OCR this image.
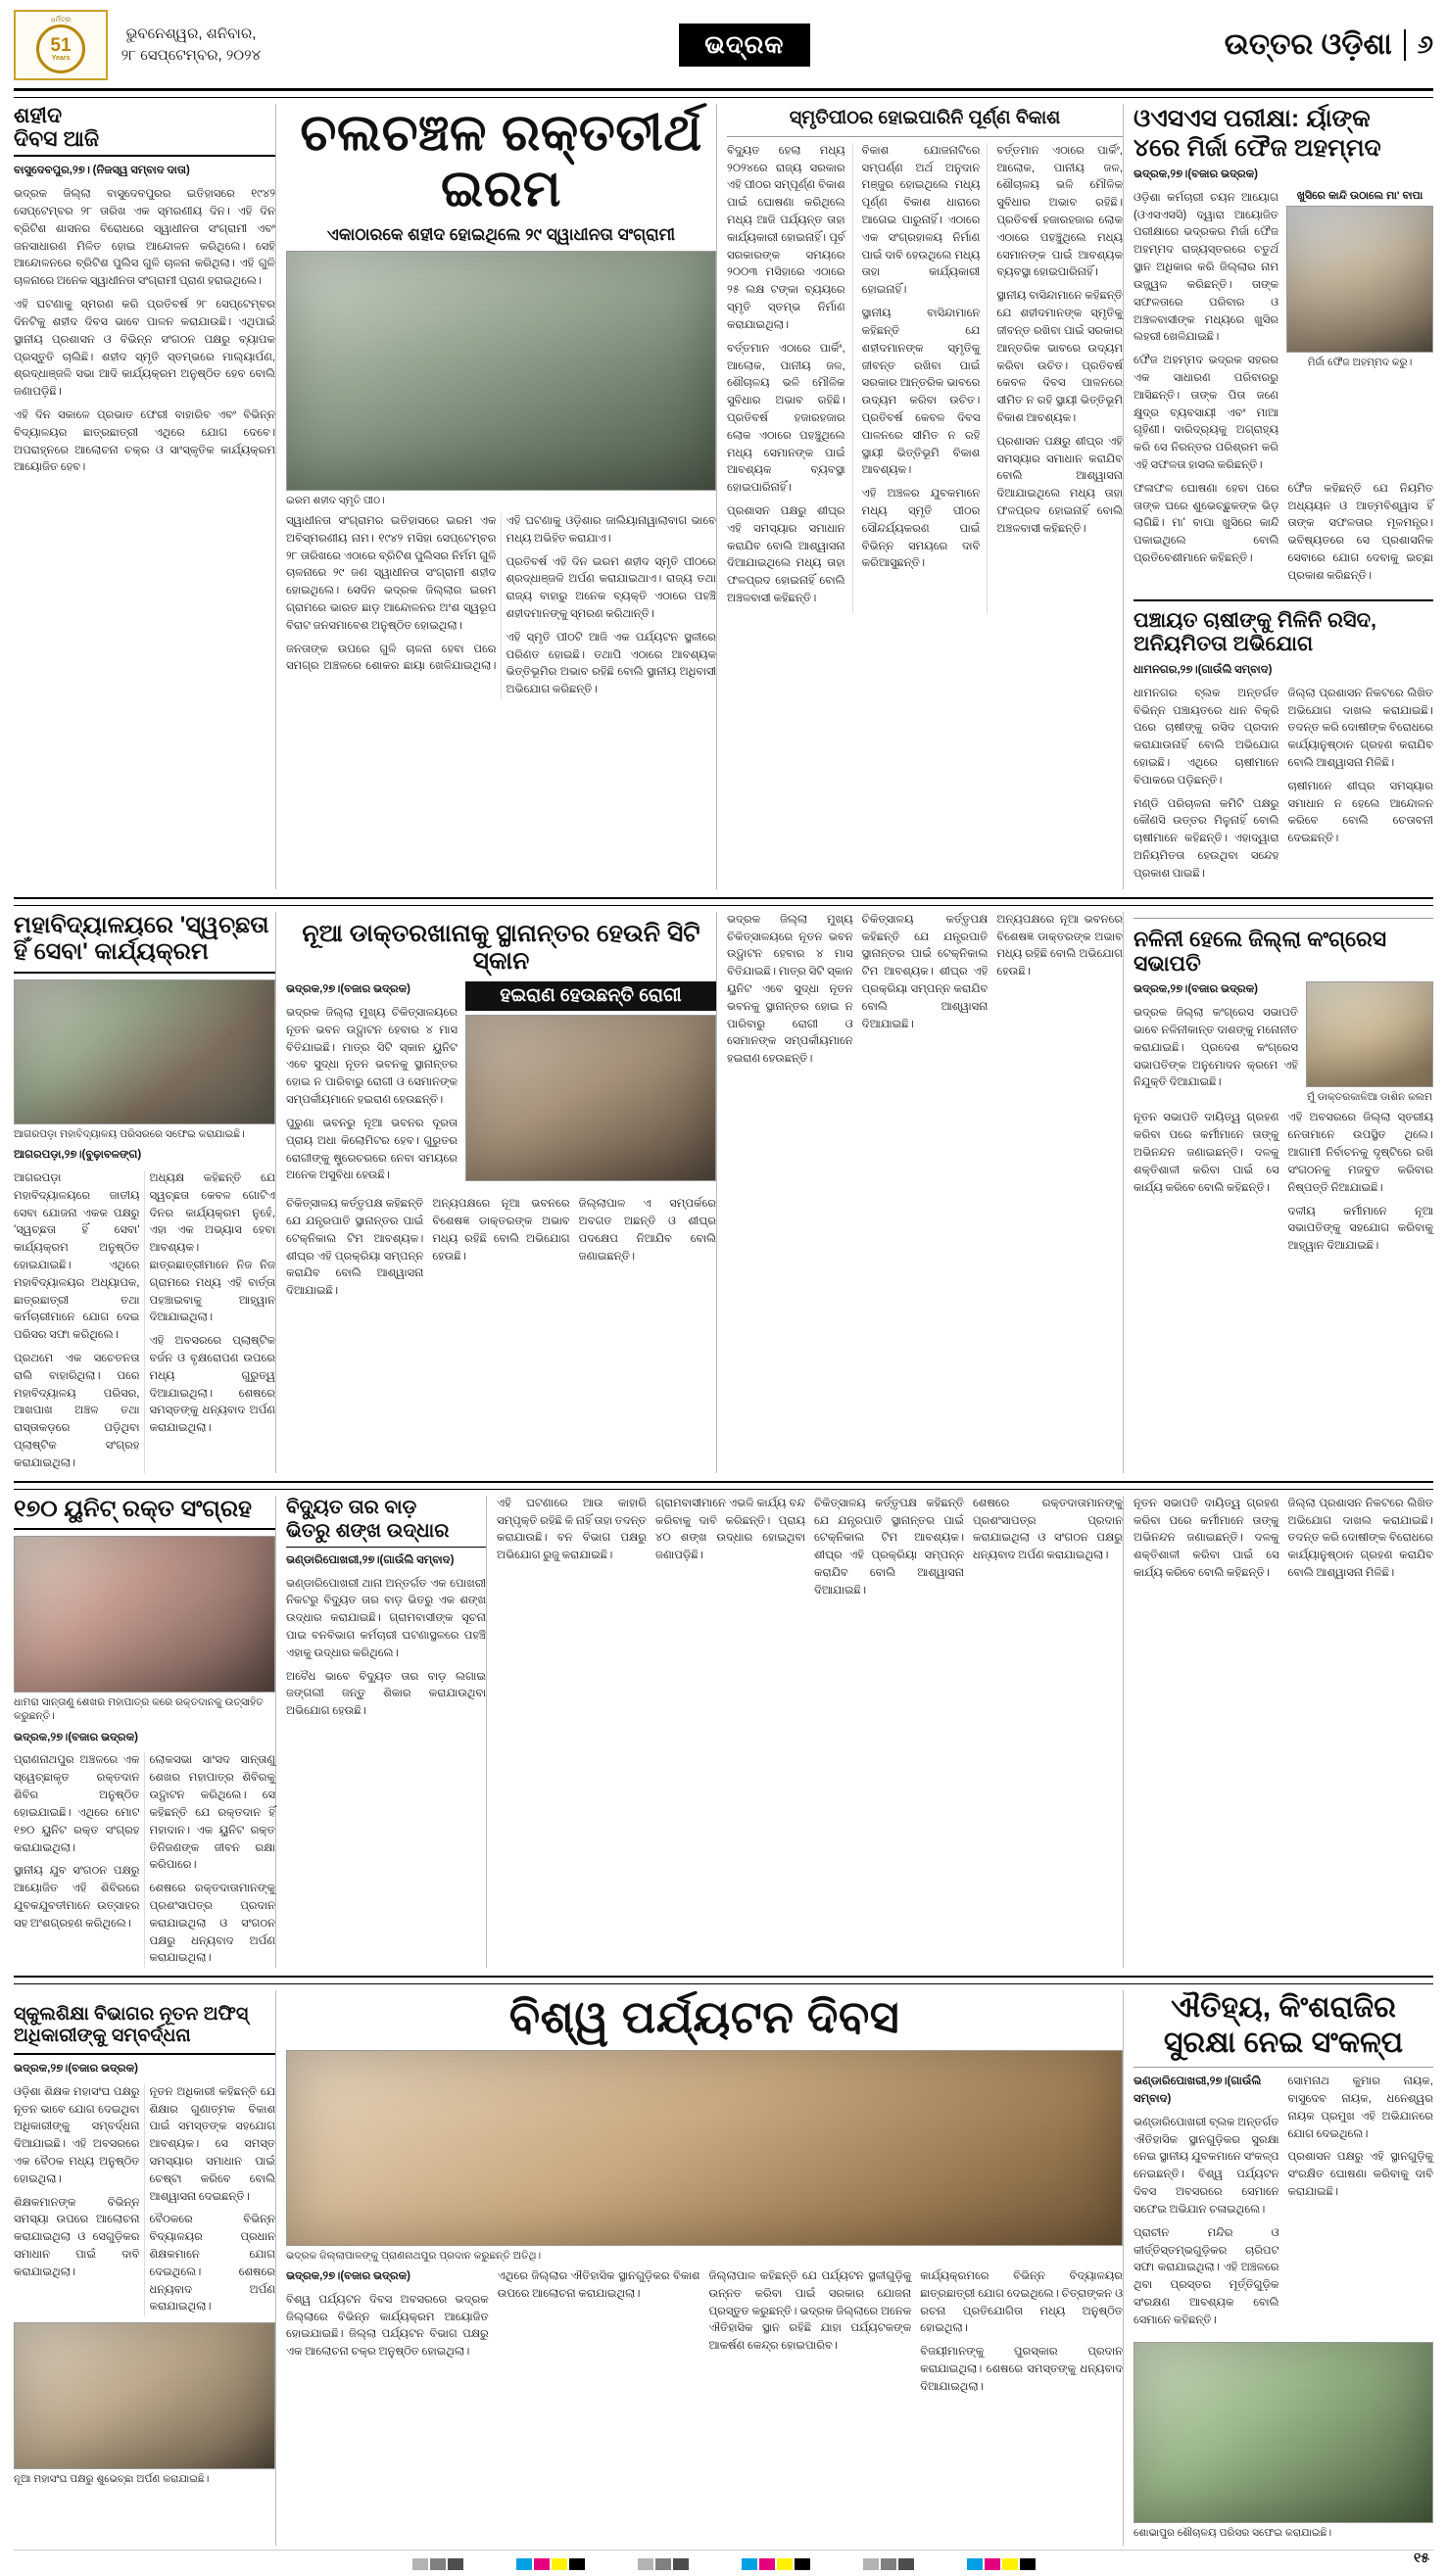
ଧର୍ମିତ୍ର
51
Years
ଭୁବନେଶ୍ୱର, ଶନିବାର,
୨୮ ସେପ୍ଟେମ୍ବର, ୨୦୨୪	ଭଦ୍ରକ	ଉତ୍ତର ଓଡ଼ିଶା	୬
ଶହୀଦ
ଦିବସ ଆଜି

ବାସୁଦେବପୁର,୨୭। (ନିଜସ୍ୱ ସମ୍ବାଦ ଦାତା)

ଭଦ୍ରକ ଜିଲ୍ଲା ବାସୁଦେବପୁରର ଇତିହାସରେ ୧୯୪୨ ସେପ୍ଟେମ୍ବର ୨୮ ତାରିଖ ଏକ ସ୍ମରଣୀୟ ଦିନ। ଏହି ଦିନ ବ୍ରିଟିଶ ଶାସନର ବିରୋଧରେ ସ୍ୱାଧୀନତା ସଂଗ୍ରାମୀ ଏବଂ ଜନସାଧାରଣ ମିଳିତ ହୋଇ ଆନ୍ଦୋଳନ କରିଥିଲେ। ସେହି ଆନ୍ଦୋଳନରେ ବ୍ରିଟିଶ ପୁଲିସ ଗୁଳି ଚାଳନା କରିଥିଲା। ଏହି ଗୁଳି ଚାଳନାରେ ଅନେକ ସ୍ୱାଧୀନତା ସଂଗ୍ରାମୀ ପ୍ରାଣ ହରାଇଥିଲେ।

ଏହି ଘଟଣାକୁ ସ୍ମରଣ କରି ପ୍ରତିବର୍ଷ ୨୮ ସେପ୍ଟେମ୍ବର ଦିନଟିକୁ ଶହୀଦ ଦିବସ ଭାବେ ପାଳନ କରାଯାଉଛି। ଏଥିପାଇଁ ସ୍ଥାନୀୟ ପ୍ରଶାସନ ଓ ବିଭିନ୍ନ ସଂଗଠନ ପକ୍ଷରୁ ବ୍ୟାପକ ପ୍ରସ୍ତୁତି ଚାଲିଛି। ଶହୀଦ ସ୍ମୃତି ସ୍ତମ୍ଭରେ ମାଲ୍ୟାର୍ପଣ, ଶ୍ରଦ୍ଧାଞ୍ଜଳି ସଭା ଆଦି କାର୍ଯ୍ୟକ୍ରମ ଅନୁଷ୍ଠିତ ହେବ ବୋଲି ଜଣାପଡ଼ିଛି।

ଏହି ଦିନ ସକାଳେ ପ୍ରଭାତ ଫେରୀ ବାହାରିବ ଏବଂ ବିଭିନ୍ନ ବିଦ୍ୟାଳୟର ଛାତ୍ରଛାତ୍ରୀ ଏଥିରେ ଯୋଗ ଦେବେ। ଅପରାହ୍ନରେ ଆଲୋଚନା ଚକ୍ର ଓ ସାଂସ୍କୃତିକ କାର୍ଯ୍ୟକ୍ରମ ଆୟୋଜିତ ହେବ।

ଚଲଚଞ୍ଚଳ ରକ୍ତତୀର୍ଥ ଇରମ
ଏକାଠାରକେ ଶହୀଦ ହୋଇଥିଲେ ୨୯ ସ୍ୱାଧୀନତା ସଂଗ୍ରାମୀ
ଇରମ ଶହୀଦ ସ୍ମୃତି ପୀଠ।

ସ୍ୱାଧୀନତା ସଂଗ୍ରାମର ଇତିହାସରେ ଇରମ ଏକ ଅବିସ୍ମରଣୀୟ ନାମ। ୧୯୪୨ ମସିହା ସେପ୍ଟେମ୍ବର ୨୮ ତାରିଖରେ ଏଠାରେ ବ୍ରିଟିଶ ପୁଲିସର ନିର୍ମମ ଗୁଳି ଚାଳନାରେ ୨୯ ଜଣ ସ୍ୱାଧୀନତା ସଂଗ୍ରାମୀ ଶହୀଦ ହୋଇଥିଲେ। ସେଦିନ ଭଦ୍ରକ ଜିଲ୍ଲାର ଇରମ ଗ୍ରାମରେ ଭାରତ ଛାଡ଼ ଆନ୍ଦୋଳନର ଅଂଶ ସ୍ୱରୂପ ବିରାଟ ଜନସମାବେଶ ଅନୁଷ୍ଠିତ ହୋଇଥିଲା।

ଜନତାଙ୍କ ଉପରେ ଗୁଳି ଚାଳନା ହେବା ପରେ ସମଗ୍ର ଅଞ୍ଚଳରେ ଶୋକର ଛାୟା ଖେଳିଯାଇଥିଲା। ଏହି ଘଟଣାକୁ ଓଡ଼ିଶାର ଜାଲିୟାନାୱାଲାବାଗ ଭାବେ ମଧ୍ୟ ଅଭିହିତ କରାଯାଏ।

ପ୍ରତିବର୍ଷ ଏହି ଦିନ ଇରମ ଶହୀଦ ସ୍ମୃତି ପୀଠରେ ଶ୍ରଦ୍ଧାଞ୍ଜଳି ଅର୍ପଣ କରାଯାଇଥାଏ। ରାଜ୍ୟ ତଥା ରାଜ୍ୟ ବାହାରୁ ଅନେକ ବ୍ୟକ୍ତି ଏଠାରେ ପହଞ୍ଚି ଶହୀଦମାନଙ୍କୁ ସ୍ମରଣ କରିଥାନ୍ତି।

ଏହି ସ୍ମୃତି ପୀଠଟି ଆଜି ଏକ ପର୍ଯ୍ୟଟନ ସ୍ଥଳୀରେ ପରିଣତ ହୋଇଛି। ତଥାପି ଏଠାରେ ଆବଶ୍ୟକ ଭିତ୍ତିଭୂମିର ଅଭାବ ରହିଛି ବୋଲି ସ୍ଥାନୀୟ ଅଧିବାସୀ ଅଭିଯୋଗ କରିଛନ୍ତି।

ସ୍ମୃତିପୀଠର ହୋଇପାରିନି ପୂର୍ଣ୍ଣ ବିକାଶ

ବିଦ୍ୟୁତ ହେଲା ମଧ୍ୟ ୨୦୨୪ରେ ରାଜ୍ୟ ସରକାର ଏହି ପୀଠର ସମ୍ପୂର୍ଣ୍ଣ ବିକାଶ ପାଇଁ ଘୋଷଣା କରିଥିଲେ ମଧ୍ୟ ଆଜି ପର୍ଯ୍ୟନ୍ତ ତାହା କାର୍ଯ୍ୟକାରୀ ହୋଇନାହିଁ। ପୂର୍ବ ସରକାରଙ୍କ ସମୟରେ ୨୦୦୩ ମସିହାରେ ଏଠାରେ ୨୫ ଲକ୍ଷ ଟଙ୍କା ବ୍ୟୟରେ ସ୍ମୃତି ସ୍ତମ୍ଭ ନିର୍ମାଣ କରାଯାଇଥିଲା।

ବର୍ତ୍ତମାନ ଏଠାରେ ପାର୍କିଂ, ଆଲୋକ, ପାନୀୟ ଜଳ, ଶୌଚାଳୟ ଭଳି ମୌଳିକ ସୁବିଧାର ଅଭାବ ରହିଛି। ପ୍ରତିବର୍ଷ ହଜାରହଜାର ଲୋକ ଏଠାରେ ପହଞ୍ଚୁଥିଲେ ମଧ୍ୟ ସେମାନଙ୍କ ପାଇଁ ଆବଶ୍ୟକ ବ୍ୟବସ୍ଥା ହୋଇପାରିନାହିଁ।

ପ୍ରଶାସନ ପକ୍ଷରୁ ଶୀଘ୍ର ଏହି ସମସ୍ୟାର ସମାଧାନ କରାଯିବ ବୋଲି ଆଶ୍ୱାସନା ଦିଆଯାଇଥିଲେ ମଧ୍ୟ ତାହା ଫଳପ୍ରଦ ହୋଇନାହିଁ ବୋଲି ଅଞ୍ଚଳବାସୀ କହିଛନ୍ତି।

ବିକାଶ ଯୋଜନାଟିରେ ସମ୍ପର୍ଣ୍ଣ ଅର୍ଥ ଅନୁଦାନ ମଞ୍ଜୁର ହୋଇଥିଲେ ମଧ୍ୟ ପୂର୍ଣ୍ଣ ବିକାଶ ଧାରାରେ ଆଗେଇ ପାରୁନାହିଁ। ଏଠାରେ ଏକ ସଂଗ୍ରହାଳୟ ନିର୍ମାଣ ପାଇଁ ଦାବି ହେଉଥିଲେ ମଧ୍ୟ ତାହା କାର୍ଯ୍ୟକାରୀ ହୋଇନାହିଁ।

ସ୍ଥାନୀୟ ବାସିନ୍ଦାମାନେ କହିଛନ୍ତି ଯେ ଶହୀଦମାନଙ୍କ ସ୍ମୃତିକୁ ଜୀବନ୍ତ ରଖିବା ପାଇଁ ସରକାର ଆନ୍ତରିକ ଭାବରେ ଉଦ୍ୟମ କରିବା ଉଚିତ। ପ୍ରତିବର୍ଷ କେବଳ ଦିବସ ପାଳନରେ ସୀମିତ ନ ରହି ସ୍ଥାୟୀ ଭିତ୍ତିଭୂମି ବିକାଶ ଆବଶ୍ୟକ।

ଏହି ଅଞ୍ଚଳର ଯୁବକମାନେ ମଧ୍ୟ ସ୍ମୃତି ପୀଠର ସୌନ୍ଦର୍ଯ୍ୟକରଣ ପାଇଁ ବିଭିନ୍ନ ସମୟରେ ଦାବି କରିଆସୁଛନ୍ତି।

ବର୍ତ୍ତମାନ ଏଠାରେ ପାର୍କିଂ, ଆଲୋକ, ପାନୀୟ ଜଳ, ଶୌଚାଳୟ ଭଳି ମୌଳିକ ସୁବିଧାର ଅଭାବ ରହିଛି। ପ୍ରତିବର୍ଷ ହଜାରହଜାର ଲୋକ ଏଠାରେ ପହଞ୍ଚୁଥିଲେ ମଧ୍ୟ ସେମାନଙ୍କ ପାଇଁ ଆବଶ୍ୟକ ବ୍ୟବସ୍ଥା ହୋଇପାରିନାହିଁ।

ସ୍ଥାନୀୟ ବାସିନ୍ଦାମାନେ କହିଛନ୍ତି ଯେ ଶହୀଦମାନଙ୍କ ସ୍ମୃତିକୁ ଜୀବନ୍ତ ରଖିବା ପାଇଁ ସରକାର ଆନ୍ତରିକ ଭାବରେ ଉଦ୍ୟମ କରିବା ଉଚିତ। ପ୍ରତିବର୍ଷ କେବଳ ଦିବସ ପାଳନରେ ସୀମିତ ନ ରହି ସ୍ଥାୟୀ ଭିତ୍ତିଭୂମି ବିକାଶ ଆବଶ୍ୟକ।

ପ୍ରଶାସନ ପକ୍ଷରୁ ଶୀଘ୍ର ଏହି ସମସ୍ୟାର ସମାଧାନ କରାଯିବ ବୋଲି ଆଶ୍ୱାସନା ଦିଆଯାଇଥିଲେ ମଧ୍ୟ ତାହା ଫଳପ୍ରଦ ହୋଇନାହିଁ ବୋଲି ଅଞ୍ଚଳବାସୀ କହିଛନ୍ତି।

ଓଏସଏସ ପରୀକ୍ଷା: ର୍ୟାଙ୍କ
୪ରେ ମିର୍ଜା ଫୈଜ ଅହମ୍ମଦ

ଭଦ୍ରକ,୨୭।(ବଜାର ଭଦ୍ରକ)

ଓଡ଼ିଶା କର୍ମଚାରୀ ଚୟନ ଆୟୋଗ (ଓଏସଏସସି) ଦ୍ୱାରା ଆୟୋଜିତ ପରୀକ୍ଷାରେ ଭଦ୍ରକର ମିର୍ଜା ଫୈଜ ଅହମ୍ମଦ ରାଜ୍ୟସ୍ତରରେ ଚତୁର୍ଥ ସ୍ଥାନ ଅଧିକାର କରି ଜିଲ୍ଲାର ନାମ ଉଜ୍ଜ୍ୱଳ କରିଛନ୍ତି। ତାଙ୍କ ସଫଳତାରେ ପରିବାର ଓ ଅଞ୍ଚଳବାସୀଙ୍କ ମଧ୍ୟରେ ଖୁସିର ଲହରୀ ଖେଳିଯାଇଛି।

ଫୈଜ ଅହମ୍ମଦ ଭଦ୍ରକ ସହରର ଏକ ସାଧାରଣ ପରିବାରରୁ ଆସିଛନ୍ତି। ତାଙ୍କ ପିତା ଜଣେ କ୍ଷୁଦ୍ର ବ୍ୟବସାୟୀ ଏବଂ ମାଆ ଗୃହିଣୀ। ଦାରିଦ୍ର୍ୟକୁ ଅଗ୍ରାହ୍ୟ କରି ସେ ନିରନ୍ତର ପରିଶ୍ରମ କରି ଏହି ସଫଳତା ହାସଲ କରିଛନ୍ତି।

ଖୁସିରେ କାନ୍ଦି ଉଠାଲେ ମା' ବାପା
ମିର୍ଜା ଫୈଜ ଅହମ୍ମଦ କରୁ।

ଫଳାଫଳ ଘୋଷଣା ହେବା ପରେ ତାଙ୍କ ଘରେ ଶୁଭେଚ୍ଛୁକଙ୍କ ଭିଡ଼ ଲାଗିଛି। ମା' ବାପା ଖୁସିରେ କାନ୍ଦି ପକାଇଥିଲେ ବୋଲି ପ୍ରତିବେଶୀମାନେ କହିଛନ୍ତି।

ଫୈଜ କହିଛନ୍ତି ଯେ ନିୟମିତ ଅଧ୍ୟୟନ ଓ ଆତ୍ମବିଶ୍ୱାସ ହିଁ ତାଙ୍କ ସଫଳତାର ମୂଳମନ୍ତ୍ର। ଭବିଷ୍ୟତରେ ସେ ପ୍ରଶାସନିକ ସେବାରେ ଯୋଗ ଦେବାକୁ ଇଚ୍ଛା ପ୍ରକାଶ କରିଛନ୍ତି।

ପଞ୍ଚାୟତ ଚାଷୀଙ୍କୁ ମିଳିନି ରସିଦ, ଅନିୟମିତତା ଅଭିଯୋଗ

ଧାମନଗର,୨୭।(ଗାଉଁଲି ସମ୍ବାଦ)

ଧାମନଗର ବ୍ଲକ ଅନ୍ତର୍ଗତ ବିଭିନ୍ନ ପଞ୍ଚାୟତରେ ଧାନ ବିକ୍ରି ପରେ ଚାଷୀଙ୍କୁ ରସିଦ ପ୍ରଦାନ କରାଯାଉନାହିଁ ବୋଲି ଅଭିଯୋଗ ହୋଇଛି। ଏଥିରେ ଚାଷୀମାନେ ବିପାକରେ ପଡ଼ିଛନ୍ତି।

ମଣ୍ଡି ପରିଚାଳନା କମିଟି ପକ୍ଷରୁ କୌଣସି ଉତ୍ତର ମିଳୁନାହିଁ ବୋଲି ଚାଷୀମାନେ କହିଛନ୍ତି। ଏହାଦ୍ୱାରା ଅନିୟମିତତା ହେଉଥିବା ସନ୍ଦେହ ପ୍ରକାଶ ପାଇଛି।

ଜିଲ୍ଲା ପ୍ରଶାସନ ନିକଟରେ ଲିଖିତ ଅଭିଯୋଗ ଦାଖଲ କରାଯାଇଛି। ତଦନ୍ତ କରି ଦୋଷୀଙ୍କ ବିରୋଧରେ କାର୍ଯ୍ୟାନୁଷ୍ଠାନ ଗ୍ରହଣ କରାଯିବ ବୋଲି ଆଶ୍ୱାସନା ମିଳିଛି।

ଚାଷୀମାନେ ଶୀଘ୍ର ସମସ୍ୟାର ସମାଧାନ ନ ହେଲେ ଆନ୍ଦୋଳନ କରିବେ ବୋଲି ଚେତାବନୀ ଦେଇଛନ୍ତି।

ମହାବିଦ୍ୟାଳୟରେ 'ସ୍ୱଚ୍ଛତା ହିଁ ସେବା' କାର୍ଯ୍ୟକ୍ରମ
ଆଗରପଡ଼ା ମହାବିଦ୍ୟାଳୟ ପରିସରରେ ସଫେଇ କରାଯାଇଛି।

ଆଗରପଡ଼ା,୨୭।(ବୁଢ଼ାବଳଙ୍ଗ)

ଆଗରପଡ଼ା ମହାବିଦ୍ୟାଳୟରେ ଜାତୀୟ ସେବା ଯୋଜନା ଏକକ ପକ୍ଷରୁ 'ସ୍ୱଚ୍ଛତା ହିଁ ସେବା' କାର୍ଯ୍ୟକ୍ରମ ଅନୁଷ୍ଠିତ ହୋଇଯାଇଛି। ଏଥିରେ ମହାବିଦ୍ୟାଳୟର ଅଧ୍ୟାପକ, ଛାତ୍ରଛାତ୍ରୀ ତଥା କର୍ମଚାରୀମାନେ ଯୋଗ ଦେଇ ପରିସର ସଫା କରିଥିଲେ।

ପ୍ରଥମେ ଏକ ସଚେତନତା ରାଲି ବାହାରିଥିଲା। ପରେ ମହାବିଦ୍ୟାଳୟ ପରିସର, ଆଖପାଖ ଅଞ୍ଚଳ ତଥା ରାସ୍ତାକଡ଼ରେ ପଡ଼ିଥିବା ପ୍ଲାଷ୍ଟିକ ସଂଗ୍ରହ କରାଯାଇଥିଲା।

ଅଧ୍ୟକ୍ଷ କହିଛନ୍ତି ଯେ ସ୍ୱଚ୍ଛତା କେବଳ ଗୋଟିଏ ଦିନର କାର୍ଯ୍ୟକ୍ରମ ନୁହେଁ, ଏହା ଏକ ଅଭ୍ୟାସ ହେବା ଆବଶ୍ୟକ। ଛାତ୍ରଛାତ୍ରୀମାନେ ନିଜ ନିଜ ଗ୍ରାମରେ ମଧ୍ୟ ଏହି ବାର୍ତ୍ତା ପହଞ୍ଚାଇବାକୁ ଆହ୍ୱାନ ଦିଆଯାଇଥିଲା।

ଏହି ଅବସରରେ ପ୍ଲାଷ୍ଟିକ ବର୍ଜନ ଓ ବୃକ୍ଷରୋପଣ ଉପରେ ମଧ୍ୟ ଗୁରୁତ୍ୱ ଦିଆଯାଇଥିଲା। ଶେଷରେ ସମସ୍ତଙ୍କୁ ଧନ୍ୟବାଦ ଅର୍ପଣ କରାଯାଇଥିଲା।

ନୂଆ ଡାକ୍ତରଖାନାକୁ ସ୍ଥାନାନ୍ତର ହେଉନି ସିଟି ସ୍କାନ

ଭଦ୍ରକ,୨୭।(ବଜାର ଭଦ୍ରକ)

ଭଦ୍ରକ ଜିଲ୍ଲା ମୁଖ୍ୟ ଚିକିତ୍ସାଳୟରେ ନୂତନ ଭବନ ଉଦ୍ଘାଟନ ହେବାର ୪ ମାସ ବିତିଯାଇଛି। ମାତ୍ର ସିଟି ସ୍କାନ ୟୁନିଟ ଏବେ ସୁଦ୍ଧା ନୂତନ ଭବନକୁ ସ୍ଥାନାନ୍ତର ହୋଇ ନ ପାରିବାରୁ ରୋଗୀ ଓ ସେମାନଙ୍କ ସମ୍ପର୍କୀୟମାନେ ହଇରାଣ ହେଉଛନ୍ତି।

ପୁରୁଣା ଭବନରୁ ନୂଆ ଭବନର ଦୂରତା ପ୍ରାୟ ଅଧା କିଲୋମିଟର ହେବ। ଗୁରୁତର ରୋଗୀଙ୍କୁ ଷ୍ଟ୍ରେଚରରେ ନେବା ସମୟରେ ଅନେକ ଅସୁବିଧା ହେଉଛି।

ହଇରାଣ ହେଉଛନ୍ତି ରୋଗୀ

ଚିକିତ୍ସାଳୟ କର୍ତ୍ତୃପକ୍ଷ କହିଛନ୍ତି ଯେ ଯନ୍ତ୍ରପାତି ସ୍ଥାନାନ୍ତର ପାଇଁ ଟେକ୍ନିକାଲ ଟିମ ଆବଶ୍ୟକ। ଶୀଘ୍ର ଏହି ପ୍ରକ୍ରିୟା ସମ୍ପନ୍ନ କରାଯିବ ବୋଲି ଆଶ୍ୱାସନା ଦିଆଯାଇଛି।

ଅନ୍ୟପକ୍ଷରେ ନୂଆ ଭବନରେ ବିଶେଷଜ୍ଞ ଡାକ୍ତରଙ୍କ ଅଭାବ ମଧ୍ୟ ରହିଛି ବୋଲି ଅଭିଯୋଗ ହେଉଛି।

ଜିଲ୍ଲାପାଳ ଏ ସମ୍ପର୍କରେ ଅବଗତ ଅଛନ୍ତି ଓ ଶୀଘ୍ର ପଦକ୍ଷେପ ନିଆଯିବ ବୋଲି ଜଣାଇଛନ୍ତି।

ଭଦ୍ରକ ଜିଲ୍ଲା ମୁଖ୍ୟ ଚିକିତ୍ସାଳୟରେ ନୂତନ ଭବନ ଉଦ୍ଘାଟନ ହେବାର ୪ ମାସ ବିତିଯାଇଛି। ମାତ୍ର ସିଟି ସ୍କାନ ୟୁନିଟ ଏବେ ସୁଦ୍ଧା ନୂତନ ଭବନକୁ ସ୍ଥାନାନ୍ତର ହୋଇ ନ ପାରିବାରୁ ରୋଗୀ ଓ ସେମାନଙ୍କ ସମ୍ପର୍କୀୟମାନେ ହଇରାଣ ହେଉଛନ୍ତି।

ଚିକିତ୍ସାଳୟ କର୍ତ୍ତୃପକ୍ଷ କହିଛନ୍ତି ଯେ ଯନ୍ତ୍ରପାତି ସ୍ଥାନାନ୍ତର ପାଇଁ ଟେକ୍ନିକାଲ ଟିମ ଆବଶ୍ୟକ। ଶୀଘ୍ର ଏହି ପ୍ରକ୍ରିୟା ସମ୍ପନ୍ନ କରାଯିବ ବୋଲି ଆଶ୍ୱାସନା ଦିଆଯାଇଛି।

ଅନ୍ୟପକ୍ଷରେ ନୂଆ ଭବନରେ ବିଶେଷଜ୍ଞ ଡାକ୍ତରଙ୍କ ଅଭାବ ମଧ୍ୟ ରହିଛି ବୋଲି ଅଭିଯୋଗ ହେଉଛି।

ନଳିନୀ ହେଲେ ଜିଲ୍ଲା କଂଗ୍ରେସ ସଭାପତି

ଭଦ୍ରକ,୨୭।(ବଜାର ଭଦ୍ରକ)

ଭଦ୍ରକ ଜିଲ୍ଲା କଂଗ୍ରେସ ସଭାପତି ଭାବେ ନଳିନୀକାନ୍ତ ଦାଶଙ୍କୁ ମନୋନୀତ କରାଯାଇଛି। ପ୍ରଦେଶ କଂଗ୍ରେସ ସଭାପତିଙ୍କ ଅନୁମୋଦନ କ୍ରମେ ଏହି ନିଯୁକ୍ତି ଦିଆଯାଇଛି।

ମୁଁ ଡାକ୍ତରକାଳିଆ ଡାଶିନ କଲମ

ନୂତନ ସଭାପତି ଦାୟିତ୍ୱ ଗ୍ରହଣ କରିବା ପରେ କର୍ମୀମାନେ ତାଙ୍କୁ ଅଭିନନ୍ଦନ ଜଣାଇଛନ୍ତି। ଦଳକୁ ଶକ୍ତିଶାଳୀ କରିବା ପାଇଁ ସେ କାର୍ଯ୍ୟ କରିବେ ବୋଲି କହିଛନ୍ତି।

ଏହି ଅବସରରେ ଜିଲ୍ଲା ସ୍ତରୀୟ ନେତାମାନେ ଉପସ୍ଥିତ ଥିଲେ। ଆଗାମୀ ନିର୍ବାଚନକୁ ଦୃଷ୍ଟିରେ ରଖି ସଂଗଠନକୁ ମଜବୁତ କରିବାର ନିଷ୍ପତ୍ତି ନିଆଯାଇଛି।

ଦଳୀୟ କର୍ମୀମାନେ ନୂଆ ସଭାପତିଙ୍କୁ ସହଯୋଗ କରିବାକୁ ଆହ୍ୱାନ ଦିଆଯାଇଛି।

୧୭୦ ୟୁନିଟ୍ ରକ୍ତ ସଂଗ୍ରହ
ଧାମରା ସାନ୍ତାଣୁ ଶେଖର ମହାପାତ୍ର କରେ ରକ୍ତଦାନକୁ ଉତ୍ସାହିତ କରୁଛନ୍ତି।

ଭଦ୍ରକ,୨୭।(ବଜାର ଭଦ୍ରକ)

ପ୍ରାଣନାଥପୁର ଅଞ୍ଚଳରେ ଏକ ସ୍ୱେଚ୍ଛାକୃତ ରକ୍ତଦାନ ଶିବିର ଅନୁଷ୍ଠିତ ହୋଇଯାଇଛି। ଏଥିରେ ମୋଟ ୧୭୦ ୟୁନିଟ ରକ୍ତ ସଂଗ୍ରହ କରାଯାଇଥିଲା।

ସ୍ଥାନୀୟ ଯୁବ ସଂଗଠନ ପକ୍ଷରୁ ଆୟୋଜିତ ଏହି ଶିବିରରେ ଯୁବକଯୁବତୀମାନେ ଉତ୍ସାହର ସହ ଅଂଶଗ୍ରହଣ କରିଥିଲେ।

ଲୋକସଭା ସାଂସଦ ସାନ୍ତାଣୁ ଶେଖର ମହାପାତ୍ର ଶିବିରକୁ ଉଦ୍ଘାଟନ କରିଥିଲେ। ସେ କହିଛନ୍ତି ଯେ ରକ୍ତଦାନ ହିଁ ମହାଦାନ। ଏକ ୟୁନିଟ ରକ୍ତ ତିନିଜଣଙ୍କ ଜୀବନ ରକ୍ଷା କରିପାରେ।

ଶେଷରେ ରକ୍ତଦାତାମାନଙ୍କୁ ପ୍ରଶଂସାପତ୍ର ପ୍ରଦାନ କରାଯାଇଥିଲା ଓ ସଂଗଠନ ପକ୍ଷରୁ ଧନ୍ୟବାଦ ଅର୍ପଣ କରାଯାଇଥିଲା।

ବିଦ୍ୟୁତ ତାର ବାଡ଼
ଭିତରୁ ଶଙ୍ଖ ଉଦ୍ଧାର

ଭଣ୍ଡାରିପୋଖରୀ,୨୭।(ଗାଉଁଲି ସମ୍ବାଦ)

ଭଣ୍ଡାରିପୋଖରୀ ଥାନା ଅନ୍ତର୍ଗତ ଏକ ପୋଖରୀ ନିକଟରୁ ବିଦ୍ୟୁତ ତାର ବାଡ଼ ଭିତରୁ ଏକ ଶଙ୍ଖ ଉଦ୍ଧାର କରାଯାଇଛି। ଗ୍ରାମବାସୀଙ୍କ ସୂଚନା ପାଇ ବନବିଭାଗ କର୍ମଚାରୀ ଘଟଣାସ୍ଥଳରେ ପହଞ୍ଚି ଏହାକୁ ଉଦ୍ଧାର କରିଥିଲେ।

ଅବୈଧ ଭାବେ ବିଦ୍ୟୁତ ତାର ବାଡ଼ ଲଗାଇ ଜଙ୍ଗଲୀ ଜନ୍ତୁ ଶିକାର କରାଯାଉଥିବା ଅଭିଯୋଗ ହେଉଛି।

ଏହି ଘଟଣାରେ ଆଉ କାହାରି ସମ୍ପୃକ୍ତି ରହିଛି କି ନାହିଁ ତାହା ତଦନ୍ତ କରାଯାଉଛି। ବନ ବିଭାଗ ପକ୍ଷରୁ ଅଭିଯୋଗ ରୁଜୁ କରାଯାଇଛି।

ଗ୍ରାମବାସୀମାନେ ଏଭଳି କାର୍ଯ୍ୟ ବନ୍ଦ କରିବାକୁ ଦାବି କରିଛନ୍ତି। ପ୍ରାୟ ୪୦ ଶଙ୍ଖ ଉଦ୍ଧାର ହୋଇଥିବା ଜଣାପଡ଼ିଛି।

ଚିକିତ୍ସାଳୟ କର୍ତ୍ତୃପକ୍ଷ କହିଛନ୍ତି ଯେ ଯନ୍ତ୍ରପାତି ସ୍ଥାନାନ୍ତର ପାଇଁ ଟେକ୍ନିକାଲ ଟିମ ଆବଶ୍ୟକ। ଶୀଘ୍ର ଏହି ପ୍ରକ୍ରିୟା ସମ୍ପନ୍ନ କରାଯିବ ବୋଲି ଆଶ୍ୱାସନା ଦିଆଯାଇଛି।

ଶେଷରେ ରକ୍ତଦାତାମାନଙ୍କୁ ପ୍ରଶଂସାପତ୍ର ପ୍ରଦାନ କରାଯାଇଥିଲା ଓ ସଂଗଠନ ପକ୍ଷରୁ ଧନ୍ୟବାଦ ଅର୍ପଣ କରାଯାଇଥିଲା।

ନୂତନ ସଭାପତି ଦାୟିତ୍ୱ ଗ୍ରହଣ କରିବା ପରେ କର୍ମୀମାନେ ତାଙ୍କୁ ଅଭିନନ୍ଦନ ଜଣାଇଛନ୍ତି। ଦଳକୁ ଶକ୍ତିଶାଳୀ କରିବା ପାଇଁ ସେ କାର୍ଯ୍ୟ କରିବେ ବୋଲି କହିଛନ୍ତି।

ଜିଲ୍ଲା ପ୍ରଶାସନ ନିକଟରେ ଲିଖିତ ଅଭିଯୋଗ ଦାଖଲ କରାଯାଇଛି। ତଦନ୍ତ କରି ଦୋଷୀଙ୍କ ବିରୋଧରେ କାର୍ଯ୍ୟାନୁଷ୍ଠାନ ଗ୍ରହଣ କରାଯିବ ବୋଲି ଆଶ୍ୱାସନା ମିଳିଛି।

ସ୍କୁଲଶିକ୍ଷା ବିଭାଗର ନୂତନ ଅଫିସ୍ ଅଧିକାରୀଙ୍କୁ ସମ୍ବର୍ଦ୍ଧନା

ଭଦ୍ରକ,୨୭।(ବଜାର ଭଦ୍ରକ)

ଓଡ଼ିଶା ଶିକ୍ଷକ ମହାସଂଘ ପକ୍ଷରୁ ନୂତନ ଭାବେ ଯୋଗ ଦେଇଥିବା ଅଧିକାରୀଙ୍କୁ ସମ୍ବର୍ଦ୍ଧନା ଦିଆଯାଇଛି। ଏହି ଅବସରରେ ଏକ ବୈଠକ ମଧ୍ୟ ଅନୁଷ୍ଠିତ ହୋଇଥିଲା।

ଶିକ୍ଷକମାନଙ୍କ ବିଭିନ୍ନ ସମସ୍ୟା ଉପରେ ଆଲୋଚନା କରାଯାଇଥିଲା ଓ ସେଗୁଡ଼ିକର ସମାଧାନ ପାଇଁ ଦାବି କରାଯାଇଥିଲା।

ନୂତନ ଅଧିକାରୀ କହିଛନ୍ତି ଯେ ଶିକ୍ଷାର ଗୁଣାତ୍ମକ ବିକାଶ ପାଇଁ ସମସ୍ତଙ୍କ ସହଯୋଗ ଆବଶ୍ୟକ। ସେ ସମସ୍ତ ସମସ୍ୟାର ସମାଧାନ ପାଇଁ ଚେଷ୍ଟା କରିବେ ବୋଲି ଆଶ୍ୱାସନା ଦେଇଛନ୍ତି।

ବୈଠକରେ ବିଭିନ୍ନ ବିଦ୍ୟାଳୟର ପ୍ରଧାନ ଶିକ୍ଷକମାନେ ଯୋଗ ଦେଇଥିଲେ। ଶେଷରେ ଧନ୍ୟବାଦ ଅର୍ପଣ କରାଯାଇଥିଲା।

ନୂଆ ମହାସଂଘ ପକ୍ଷରୁ ଶୁଭେଚ୍ଛା ଅର୍ପଣ କରାଯାଇଛି।
ବିଶ୍ୱ ପର୍ଯ୍ୟଟନ ଦିବସ
ଭଦ୍ରକ ଜିଲ୍ଲାପାଳଙ୍କୁ ପ୍ରାଣନାଥପୁର ପ୍ରଦାନ କରୁଛନ୍ତି ଅତିଥି।

ଭଦ୍ରକ,୨୭।(ବଜାର ଭଦ୍ରକ)

ବିଶ୍ୱ ପର୍ଯ୍ୟଟନ ଦିବସ ଅବସରରେ ଭଦ୍ରକ ଜିଲ୍ଲାରେ ବିଭିନ୍ନ କାର୍ଯ୍ୟକ୍ରମ ଆୟୋଜିତ ହୋଇଯାଇଛି। ଜିଲ୍ଲା ପର୍ଯ୍ୟଟନ ବିଭାଗ ପକ୍ଷରୁ ଏକ ଆଲୋଚନା ଚକ୍ର ଅନୁଷ୍ଠିତ ହୋଇଥିଲା।

ଏଥିରେ ଜିଲ୍ଲାର ଐତିହାସିକ ସ୍ଥାନଗୁଡ଼ିକର ବିକାଶ ଉପରେ ଆଲୋଚନା କରାଯାଇଥିଲା।

ଜିଲ୍ଲାପାଳ କହିଛନ୍ତି ଯେ ପର୍ଯ୍ୟଟନ ସ୍ଥଳୀଗୁଡ଼ିକୁ ଉନ୍ନତ କରିବା ପାଇଁ ସରକାର ଯୋଜନା ପ୍ରସ୍ତୁତ କରୁଛନ୍ତି। ଭଦ୍ରକ ଜିଲ୍ଲାରେ ଅନେକ ଐତିହାସିକ ସ୍ଥାନ ରହିଛି ଯାହା ପର୍ଯ୍ୟଟକଙ୍କ ଆକର୍ଷଣ କେନ୍ଦ୍ର ହୋଇପାରିବ।

କାର୍ଯ୍ୟକ୍ରମରେ ବିଭିନ୍ନ ବିଦ୍ୟାଳୟର ଛାତ୍ରଛାତ୍ରୀ ଯୋଗ ଦେଇଥିଲେ। ଚିତ୍ରାଙ୍କନ ଓ ରଚନା ପ୍ରତିଯୋଗିତା ମଧ୍ୟ ଅନୁଷ୍ଠିତ ହୋଇଥିଲା।

ବିଜୟୀମାନଙ୍କୁ ପୁରସ୍କାର ପ୍ରଦାନ କରାଯାଇଥିଲା। ଶେଷରେ ସମସ୍ତଙ୍କୁ ଧନ୍ୟବାଦ ଦିଆଯାଇଥିଲା।

ଐତିହ୍ୟ, କିଂଶରାଜିର
ସୁରକ୍ଷା ନେଇ ସଂକଳ୍ପ

ଭଣ୍ଡାରିପୋଖରୀ,୨୭।(ଗାଉଁଲି ସମ୍ବାଦ)

ଭଣ୍ଡାରିପୋଖରୀ ବ୍ଲକ ଅନ୍ତର୍ଗତ ଐତିହାସିକ ସ୍ଥାନଗୁଡ଼ିକର ସୁରକ୍ଷା ନେଇ ସ୍ଥାନୀୟ ଯୁବକମାନେ ସଂକଳ୍ପ ନେଇଛନ୍ତି। ବିଶ୍ୱ ପର୍ଯ୍ୟଟନ ଦିବସ ଅବସରରେ ସେମାନେ ସଫେଇ ଅଭିଯାନ ଚଳାଇଥିଲେ।

ପ୍ରାଚୀନ ମନ୍ଦିର ଓ କୀର୍ତ୍ତିସ୍ତମ୍ଭଗୁଡ଼ିକର ଚାରିପଟ ସଫା କରାଯାଇଥିଲା। ଏହି ଅଞ୍ଚଳରେ ଥିବା ପ୍ରସ୍ତର ମୂର୍ତ୍ତିଗୁଡ଼ିକ ସଂରକ୍ଷଣ ଆବଶ୍ୟକ ବୋଲି ସେମାନେ କହିଛନ୍ତି।

ସୋମନାଥ କୁମାର ନାୟକ, ବାସୁଦେବ ନାୟକ, ଧନେଶ୍ୱର ନାୟକ ପ୍ରମୁଖ ଏହି ଅଭିଯାନରେ ଯୋଗ ଦେଇଥିଲେ।

ପ୍ରଶାସନ ପକ୍ଷରୁ ଏହି ସ୍ଥାନଗୁଡ଼ିକୁ ସଂରକ୍ଷିତ ଘୋଷଣା କରିବାକୁ ଦାବି କରାଯାଇଛି।

ଶୋଭାପୁର ଶୌଚାଳୟ ପରିସର ସଫେଇ କରାଯାଇଛି।
୧୫
